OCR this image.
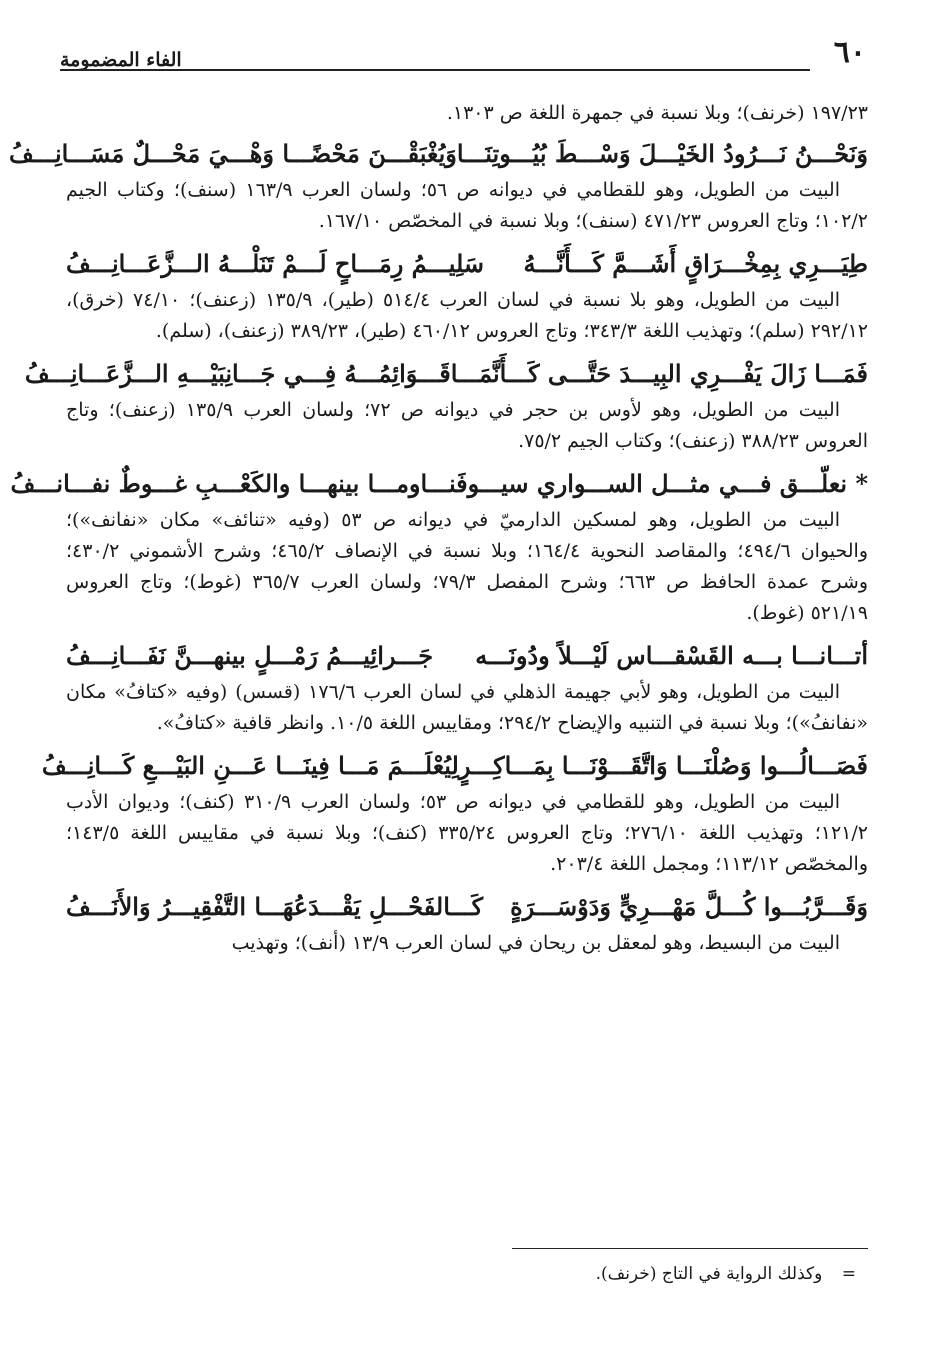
٦٠
الفاء المضمومة

١٩٧/٢٣ (خرنف)؛ وبلا نسبة في جمهرة اللغة ص ١٣٠٣.

وَنَحْـــنُ نَـــرُودُ الخَيْـــلَ وَسْـــطَ بُيُـــوتِنَـــا
وَيُغْبَقْـــنَ مَحْضًـــا وَهْـــيَ مَحْـــلٌ مَسَـــانِـــفُ

البيت من الطويل، وهو للقطامي في ديوانه ص ٥٦؛ ولسان العرب ١٦٣/٩ (سنف)؛ وكتاب الجيم ١٠٢/٢؛ وتاج العروس ٤٧١/٢٣ (سنف)؛ وبلا نسبة في المخصّص ١٦٧/١٠.

طِيَـــرِي بِمِخْـــرَاقٍ أَشَـــمَّ كَـــأَنَّـــهُ
سَلِيـــمُ رِمَـــاحٍ لَـــمْ تَنَلْـــهُ الـــزَّعَـــانِـــفُ

البيت من الطويل، وهو بلا نسبة في لسان العرب ٥١٤/٤ (طير)، ١٣٥/٩ (زعنف)؛ ٧٤/١٠ (خرق)، ٢٩٢/١٢ (سلم)؛ وتهذيب اللغة ٣٤٣/٣؛ وتاج العروس ٤٦٠/١٢ (طير)، ٣٨٩/٢٣ (زعنف)، (سلم).

فَمَـــا زَالَ يَفْـــرِي البِيـــدَ حَتَّـــى كَـــأَنَّمَـــا
قَـــوَائِمُـــهُ فِـــي جَـــانِبَيْـــهِ الـــزَّعَـــانِـــفُ

البيت من الطويل، وهو لأوس بن حجر في ديوانه ص ٧٢؛ ولسان العرب ١٣٥/٩ (زعنف)؛ وتاج العروس ٣٨٨/٢٣ (زعنف)؛ وكتاب الجيم ٧٥/٢.

* نعلّـــق فـــي مثـــل الســـواري سيـــوفَنـــا
ومـــا بينهـــا والكَعْـــبِ غـــوطٌ نفـــانـــفُ

البيت من الطويل، وهو لمسكين الدارميّ في ديوانه ص ٥٣ (وفيه «تنائف» مكان «نفانف»)؛ والحيوان ٤٩٤/٦؛ والمقاصد النحوية ١٦٤/٤؛ وبلا نسبة في الإنصاف ٤٦٥/٢؛ وشرح الأشموني ٤٣٠/٢؛ وشرح عمدة الحافظ ص ٦٦٣؛ وشرح المفصل ٧٩/٣؛ ولسان العرب ٣٦٥/٧ (غوط)؛ وتاج العروس ٥٢١/١٩ (غوط).

أتـــانـــا بـــه القَسْقـــاس لَيْـــلاً ودُونَـــه
جَـــرائِيـــمُ رَمْـــلٍ بينهـــنَّ نَفَـــانِـــفُ

البيت من الطويل، وهو لأبي جهيمة الذهلي في لسان العرب ١٧٦/٦ (قسس) (وفيه «كتافُ» مكان «نفانفُ»)؛ وبلا نسبة في التنبيه والإيضاح ٢٩٤/٢؛ ومقاييس اللغة ١٠/٥. وانظر قافية «كتافُ».

فَصَـــالُـــوا وَصُلْنَـــا وَاتَّقَـــوْنَـــا بِمَـــاكِـــرٍ
لِيُعْلَـــمَ مَـــا فِينَـــا عَـــنِ البَيْـــعِ كَـــانِـــفُ

البيت من الطويل، وهو للقطامي في ديوانه ص ٥٣؛ ولسان العرب ٣١٠/٩ (كنف)؛ وديوان الأدب ١٢١/٢؛ وتهذيب اللغة ٢٧٦/١٠؛ وتاج العروس ٣٣٥/٢٤ (كنف)؛ وبلا نسبة في مقاييس اللغة ١٤٣/٥؛ والمخصّص ١١٣/١٢؛ ومجمل اللغة ٢٠٣/٤.

وَقَـــرَّبُـــوا كُـــلَّ مَهْـــرِيٍّ وَدَوْسَـــرَةٍ
كَـــالفَحْـــلِ يَقْـــدَعُهَـــا التَّفْقِيـــرُ وَالأَنَـــفُ

البيت من البسيط، وهو لمعقل بن ريحان في لسان العرب ١٣/٩ (أنف)؛ وتهذيب

= وكذلك الرواية في التاج (خرنف).
